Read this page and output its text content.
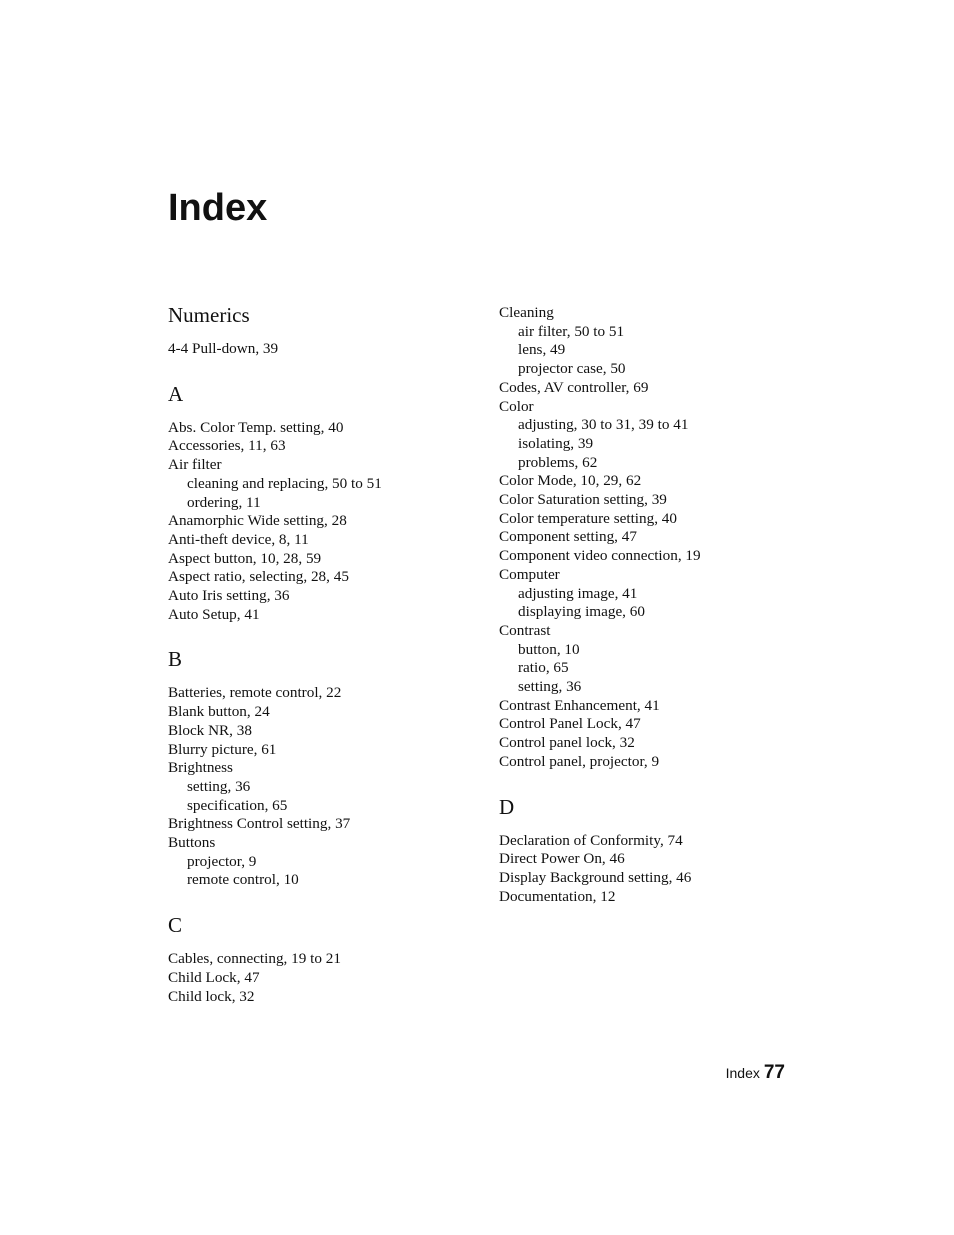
Index
Numerics
4-4 Pull-down, 39
A
Abs. Color Temp. setting, 40
Accessories, 11, 63
Air filter
cleaning and replacing, 50 to 51
ordering, 11
Anamorphic Wide setting, 28
Anti-theft device, 8, 11
Aspect button, 10, 28, 59
Aspect ratio, selecting, 28, 45
Auto Iris setting, 36
Auto Setup, 41
B
Batteries, remote control, 22
Blank button, 24
Block NR, 38
Blurry picture, 61
Brightness
setting, 36
specification, 65
Brightness Control setting, 37
Buttons
projector, 9
remote control, 10
C
Cables, connecting, 19 to 21
Child Lock, 47
Child lock, 32
Cleaning
air filter, 50 to 51
lens, 49
projector case, 50
Codes, AV controller, 69
Color
adjusting, 30 to 31, 39 to 41
isolating, 39
problems, 62
Color Mode, 10, 29, 62
Color Saturation setting, 39
Color temperature setting, 40
Component setting, 47
Component video connection, 19
Computer
adjusting image, 41
displaying image, 60
Contrast
button, 10
ratio, 65
setting, 36
Contrast Enhancement, 41
Control Panel Lock, 47
Control panel lock, 32
Control panel, projector, 9
D
Declaration of Conformity, 74
Direct Power On, 46
Display Background setting, 46
Documentation, 12
Index 77
